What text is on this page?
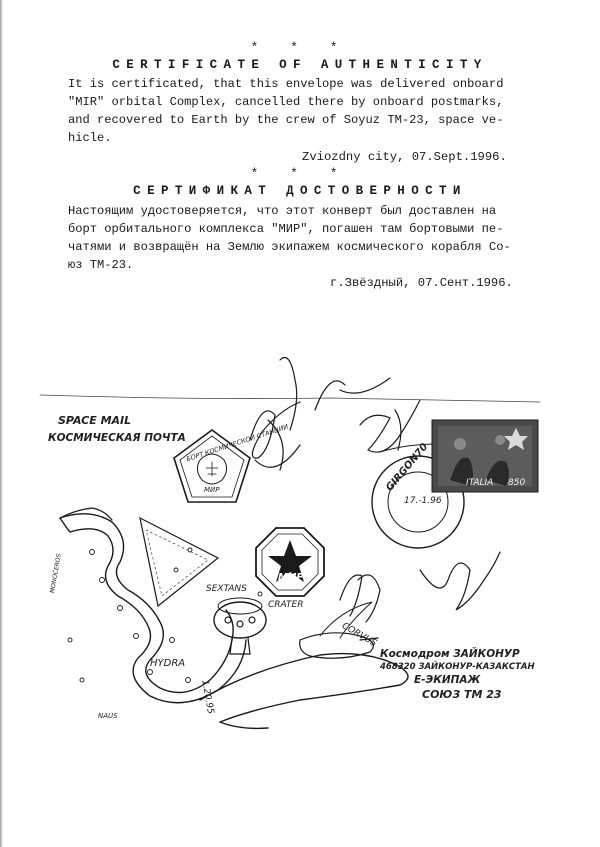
* * *
CERTIFICATE OF AUTHENTICITY
It is certificated, that this envelope was delivered onboard
"MIR" orbital Complex, cancelled there by onboard postmarks,
and recovered to Earth by the crew of Soyuz TM-23, space ve-
hicle.
Zviozdny city, 07.Sept.1996.
* * *
СЕРТИФИКАТ ДОСТОВЕРНОСТИ
Настоящим удостоверяется, что этот конверт был доставлен на
борт орбитального комплекса "МИР", погашен там бортовыми пе-
чатями и возвращён на Землю экипажем космического корабля Со-
юз ТМ-23.
г.Звёздный, 07.Сент.1996.
SPACE MAIL
КОСМИЧЕСКАЯ ПОЧТА БОРТ КОСМИЧЕСКОЙ СТАНЦИИ
МИР
МИР
GIRGON70
17.-1.96
ITALIA 850
SEXTANS
CRATER
CORVUS
HYDRA
MONOCEROS
NAUS
1.20.95
Космодром ЗАЙКОНУР
468320 ЗАЙКОНУР-КАЗАКСТАН
Е-ЭКИПАЖ
СОЮЗ ТМ 23
